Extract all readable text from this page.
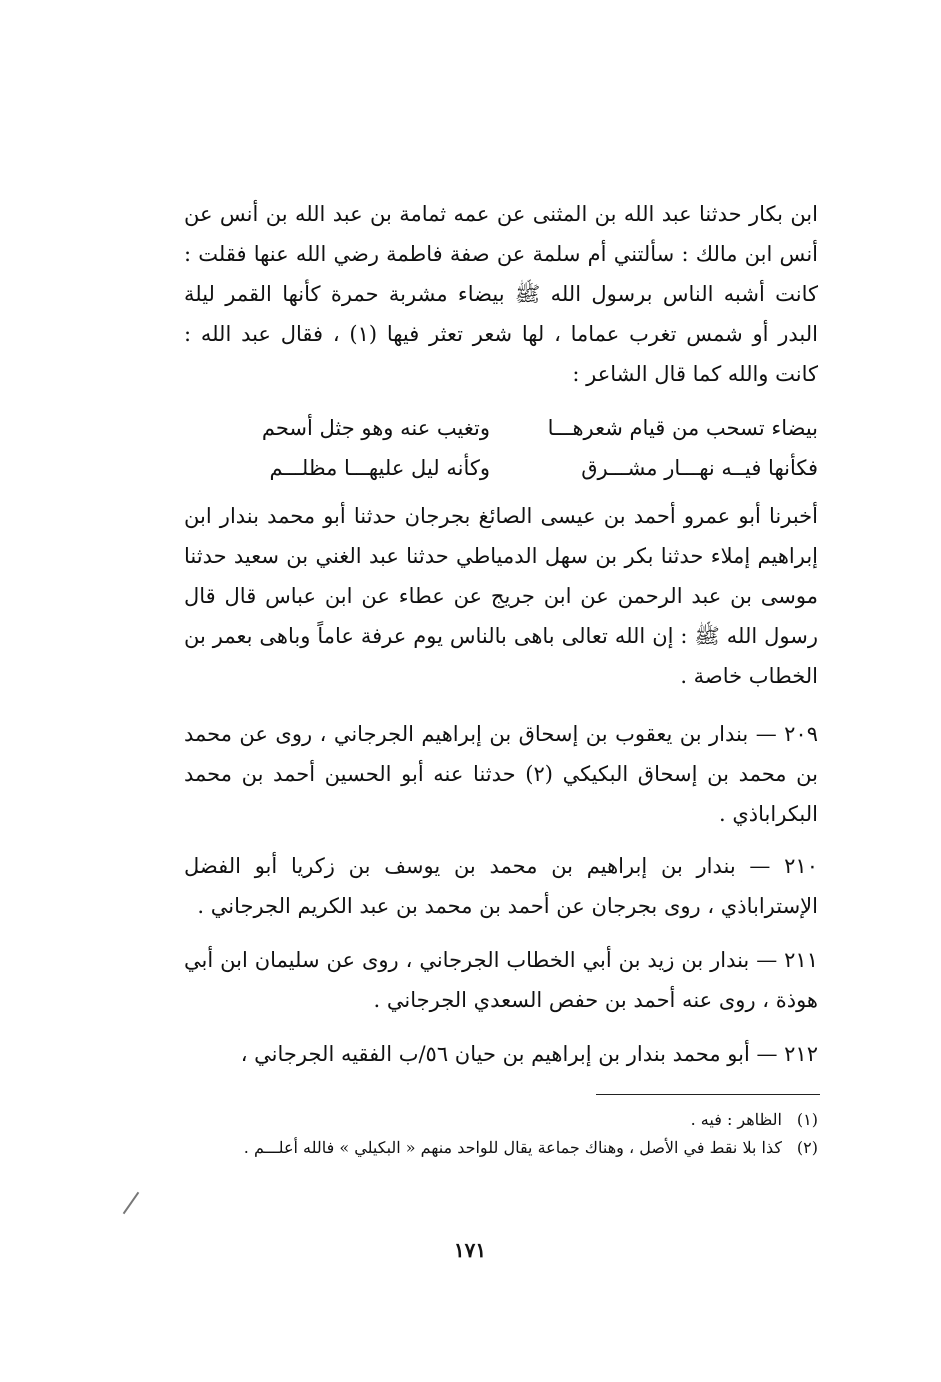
ابن بكار حدثنا عبد الله بن المثنى عن عمه ثمامة بن عبد الله بن أنس عن أنس ابن مالك : سألتني أم سلمة عن صفة فاطمة رضي الله عنها فقلت : كانت أشبه الناس برسول الله ﷺ بيضاء مشربة حمرة كأنها القمر ليلة البدر أو شمس تغرب عماما ، لها شعر تعثر فيها (١) ، فقال عبد الله : كانت والله كما قال الشاعر :
بيضاء تسحب من قيام شعرهـــا
وتغيب عنه وهو جثل أسحم
فكأنها فيــه نهـــار مشـــرق
وكأنه ليل عليهـــا مظلـــم
أخبرنا أبو عمرو أحمد بن عيسى الصائغ بجرجان حدثنا أبو محمد بندار ابن إبراهيم إملاء حدثنا بكر بن سهل الدمياطي حدثنا عبد الغني بن سعيد حدثنا موسى بن عبد الرحمن عن ابن جريج عن عطاء عن ابن عباس قال قال رسول الله ﷺ : إن الله تعالى باهى بالناس يوم عرفة عاماً وباهى بعمر بن الخطاب خاصة .
٢٠٩ — بندار بن يعقوب بن إسحاق بن إبراهيم الجرجاني ، روى عن محمد بن محمد بن إسحاق البكيكي (٢) حدثنا عنه أبو الحسين أحمد بن محمد البكراباذي .
٢١٠ — بندار بن إبراهيم بن محمد بن يوسف بن زكريا أبو الفضل الإستراباذي ، روى بجرجان عن أحمد بن محمد بن عبد الكريم الجرجاني .
٢١١ — بندار بن زيد بن أبي الخطاب الجرجاني ، روى عن سليمان ابن أبي هوذة ، روى عنه أحمد بن حفص السعدي الجرجاني .
٢١٢ — أبو محمد بندار بن إبراهيم بن حيان ٥٦/ب الفقيه الجرجاني ،
(١)
الظاهر : فيه .
(٢)
كذا بلا نقط في الأصل ، وهناك جماعة يقال للواحد منهم « البكيلي » فالله أعلـــم .
١٧١
